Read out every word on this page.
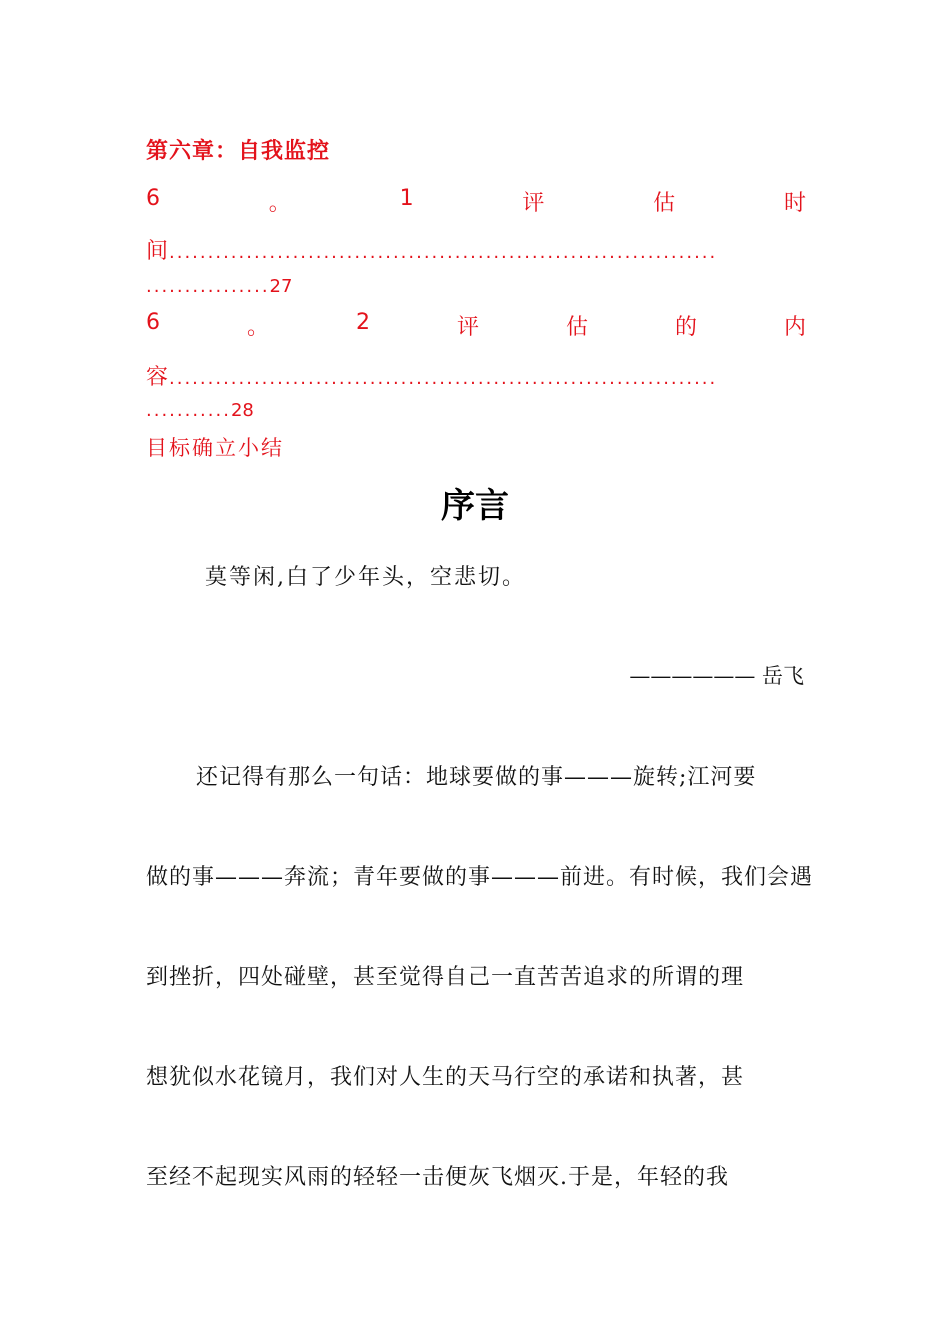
第六章：自我监控
6	。	1	评	估	时
间.......................................................................
................27
6	。	2	评	估	的	内
容.......................................................................
...........28
目标确立小结
序言
莫等闲,白了少年头，空悲切。
—————— 岳飞
还记得有那么一句话：地球要做的事———旋转;江河要
做的事———奔流；青年要做的事———前进。有时候，我们会遇
到挫折，四处碰壁，甚至觉得自己一直苦苦追求的所谓的理
想犹似水花镜月，我们对人生的天马行空的承诺和执著，甚
至经不起现实风雨的轻轻一击便灰飞烟灭.于是，年轻的我
